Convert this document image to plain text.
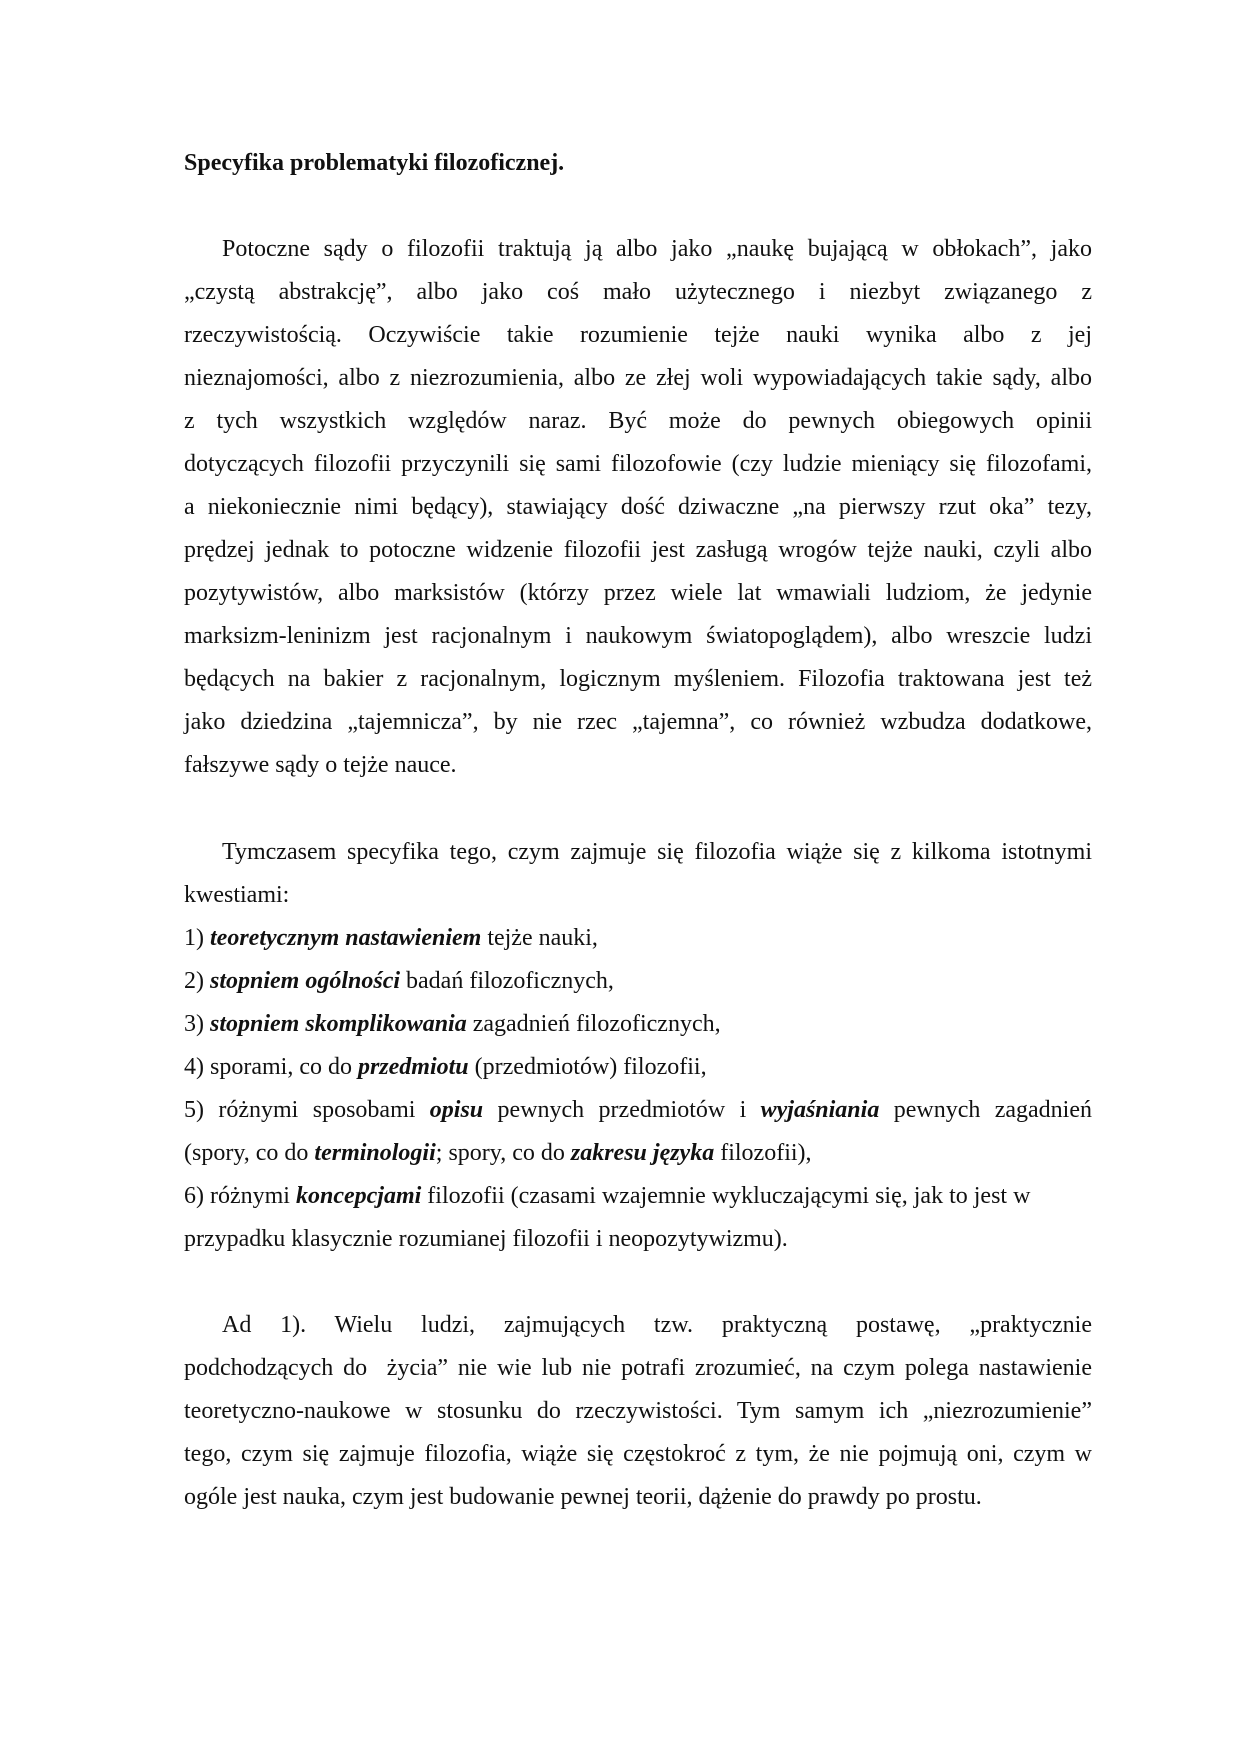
Specyfika problematyki filozoficznej.
Potoczne sądy o filozofii traktują ją albo jako „naukę bujającą w obłokach”, jako
„czystą abstrakcję”, albo jako coś mało użytecznego i niezbyt związanego z
rzeczywistością. Oczywiście takie rozumienie tejże nauki wynika albo z jej
nieznajomości, albo z niezrozumienia, albo ze złej woli wypowiadających takie sądy, albo
z tych wszystkich względów naraz. Być może do pewnych obiegowych opinii
dotyczących filozofii przyczynili się sami filozofowie (czy ludzie mieniący się filozofami,
a niekoniecznie nimi będący), stawiający dość dziwaczne „na pierwszy rzut oka” tezy,
prędzej jednak to potoczne widzenie filozofii jest zasługą wrogów tejże nauki, czyli albo
pozytywistów, albo marksistów (którzy przez wiele lat wmawiali ludziom, że jedynie
marksizm-leninizm jest racjonalnym i naukowym światopoglądem), albo wreszcie ludzi
będących na bakier z racjonalnym, logicznym myśleniem. Filozofia traktowana jest też
jako dziedzina „tajemnicza”, by nie rzec „tajemna”, co również wzbudza dodatkowe,
fałszywe sądy o tejże nauce.
Tymczasem specyfika tego, czym zajmuje się filozofia wiąże się z kilkoma istotnymi
kwestiami:
1) teoretycznym nastawieniem tejże nauki,
2) stopniem ogólności badań filozoficznych,
3) stopniem skomplikowania zagadnień filozoficznych,
4) sporami, co do przedmiotu (przedmiotów) filozofii,
5) różnymi sposobami opisu pewnych przedmiotów i wyjaśniania pewnych zagadnień
(spory, co do terminologii; spory, co do zakresu języka filozofii),
6) różnymi koncepcjami filozofii (czasami wzajemnie wykluczającymi się, jak to jest w
przypadku klasycznie rozumianej filozofii i neopozytywizmu).
Ad 1). Wielu ludzi, zajmujących tzw. praktyczną postawę, „praktycznie
podchodzących do  życia” nie wie lub nie potrafi zrozumieć, na czym polega nastawienie
teoretyczno-naukowe w stosunku do rzeczywistości. Tym samym ich „niezrozumienie”
tego, czym się zajmuje filozofia, wiąże się częstokroć z tym, że nie pojmują oni, czym w
ogóle jest nauka, czym jest budowanie pewnej teorii, dążenie do prawdy po prostu.
